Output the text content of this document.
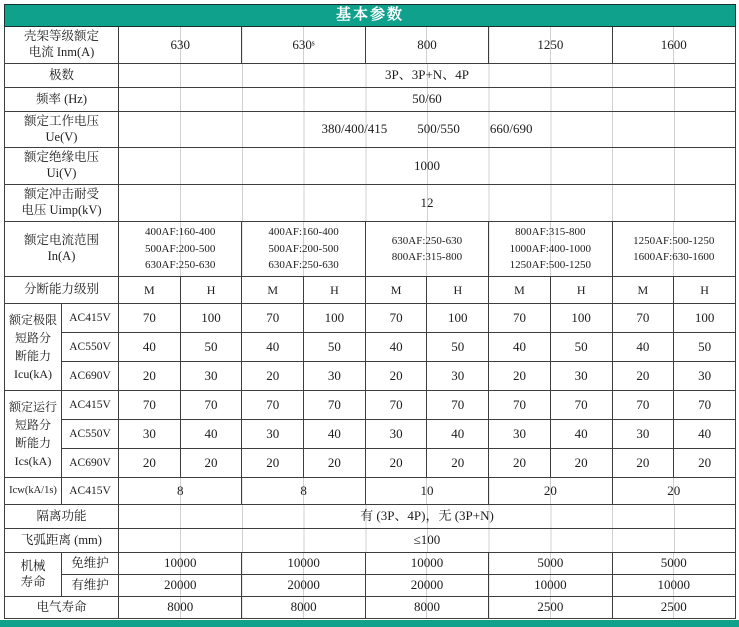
基本参数											
壳架等级额定
电流 Inm(A)		630		630ˢ		800		1250		1600	
极数		3P、3P+N、4P									
频率 (Hz)		50/60									
额定工作电压
Ue(V)		380/400/415 500/550 660/690									

额定绝缘电压
Ui(V)		1000									
额定冲击耐受
电压 Uimp(kV)		12									
额定电流范围
In(A)		400AF:160-400
500AF:200-500
630AF:250-630		400AF:160-400
500AF:200-500
630AF:250-630		630AF:250-630
800AF:315-800		800AF:315-800
1000AF:400-1000
1250AF:500-1250		1250AF:500-1250
1600AF:630-1600	
分断能力级别		M	H	M	H	M	H	M	H	M	H
额定极限
短路分
断能力
Icu(kA)	AC415V	70	100	70	100	70	100	70	100	70	100
	AC550V	40	50	40	50	40	50	40	50	40	50
	AC690V	20	30	20	30	20	30	20	30	20	30
额定运行
短路分
断能力
Ics(kA)	AC415V	70	70	70	70	70	70	70	70	70	70
	AC550V	30	40	30	40	30	40	30	40	30	40
	AC690V	20	20	20	20	20	20	20	20	20	20
Icw(kA/1s)	AC415V	8		8		10		20		20	
隔离功能		有 (3P、4P)，无 (3P+N)									
飞弧距离 (mm)		≤100									
机械
寿命	免维护	10000		10000		10000		5000		5000	
	有维护	20000		20000		20000		10000		10000	
电气寿命		8000		8000		8000		2500		2500	
